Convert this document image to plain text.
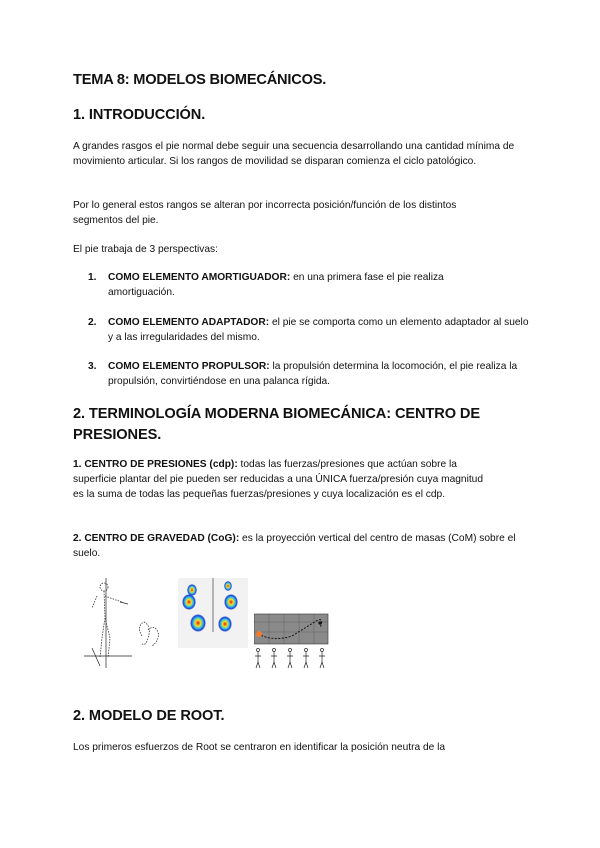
TEMA 8: MODELOS BIOMECÁNICOS.
1. INTRODUCCIÓN.

A grandes rasgos el pie normal debe seguir una secuencia desarrollando una cantidad mínima de movimiento articular. Si los rangos de movilidad se disparan comienza el ciclo patológico.

Por lo general estos rangos se alteran por incorrecta posición/función de los distintos segmentos del pie.

El pie trabaja de 3 perspectivas:

1. COMO ELEMENTO AMORTIGUADOR: en una primera fase el pie realiza amortiguación.
2. COMO ELEMENTO ADAPTADOR: el pie se comporta como un elemento adaptador al suelo y a las irregularidades del mismo.
3. COMO ELEMENTO PROPULSOR: la propulsión determina la locomoción, el pie realiza la propulsión, convirtiéndose en una palanca rígida.
2. TERMINOLOGÍA MODERNA BIOMECÁNICA: CENTRO DE PRESIONES.

1. CENTRO DE PRESIONES (cdp): todas las fuerzas/presiones que actúan sobre la superficie plantar del pie pueden ser reducidas a una ÚNICA fuerza/presión cuya magnitud es la suma de todas las pequeñas fuerzas/presiones y cuya localización es el cdp.

2. CENTRO DE GRAVEDAD (CoG): es la proyección vertical del centro de masas (CoM) sobre el suelo.

2. MODELO DE ROOT.

Los primeros esfuerzos de Root se centraron en identificar la posición neutra de la
